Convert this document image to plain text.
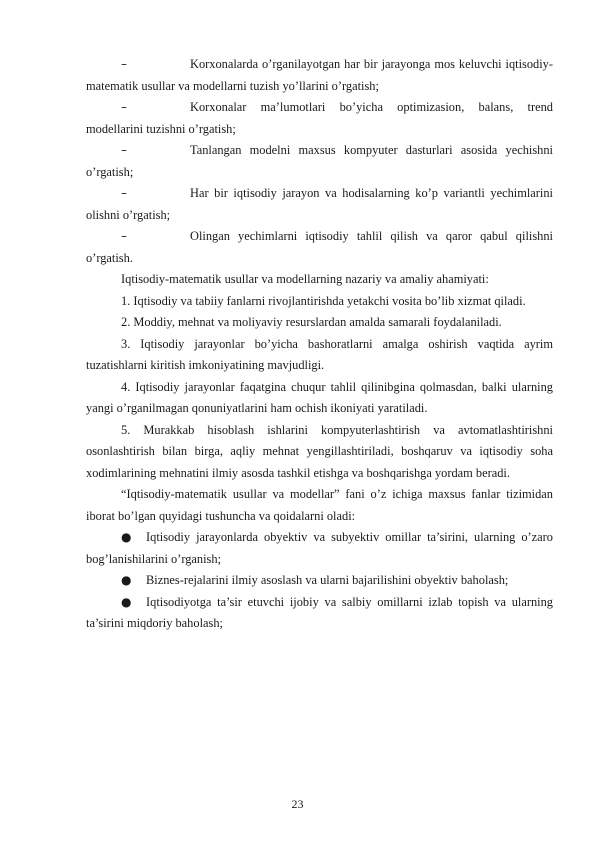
–	Korxonalarda o’rganilayotgan har bir jarayonga mos keluvchi iqtisodiy-matematik usullar va modellarni tuzish yo’llarini o’rgatish;

–	Korxonalar ma’lumotlari bo’yicha optimizasion, balans, trend modellarini tuzishni o’rgatish;

–	Tanlangan modelni maxsus kompyuter dasturlari asosida yechishni o’rgatish;

–	Har bir iqtisodiy jarayon va hodisalarning ko’p variantli yechimlarini olishni o’rgatish;

–	Olingan yechimlarni iqtisodiy tahlil qilish va qaror qabul qilishni o’rgatish.

Iqtisodiy-matematik usullar va modellarning nazariy va amaliy ahamiyati:

1. Iqtisodiy va tabiiy fanlarni rivojlantirishda yetakchi vosita bo’lib xizmat qiladi.

2. Moddiy, mehnat va moliyaviy resurslardan amalda samarali foydalaniladi.

3. Iqtisodiy jarayonlar bo’yicha bashoratlarni amalga oshirish vaqtida ayrim tuzatishlarni kiritish imkoniyatining mavjudligi.

4. Iqtisodiy jarayonlar faqatgina chuqur tahlil qilinibgina qolmasdan, balki ularning yangi o’rganilmagan qonuniyatlarini ham ochish ikoniyati yaratiladi.

5. Murakkab hisoblash ishlarini kompyuterlashtirish va avtomatlashtirishni osonlashtirish bilan birga, aqliy mehnat yengillashtiriladi, boshqaruv va iqtisodiy soha xodimlarining mehnatini ilmiy asosda tashkil etishga va boshqarishga yordam beradi.

“Iqtisodiy-matematik usullar va modellar” fani o’z ichiga maxsus fanlar tizimidan iborat bo’lgan quyidagi tushuncha va qoidalarni oladi:

●	Iqtisodiy jarayonlarda obyektiv va subyektiv omillar ta’sirini, ularning o’zaro bog’lanishilarini o’rganish;

●	Biznes-rejalarini ilmiy asoslash va ularni bajarilishini obyektiv baholash;

●	Iqtisodiyotga ta’sir etuvchi ijobiy va salbiy omillarni izlab topish va ularning ta’sirini miqdoriy baholash;

23
